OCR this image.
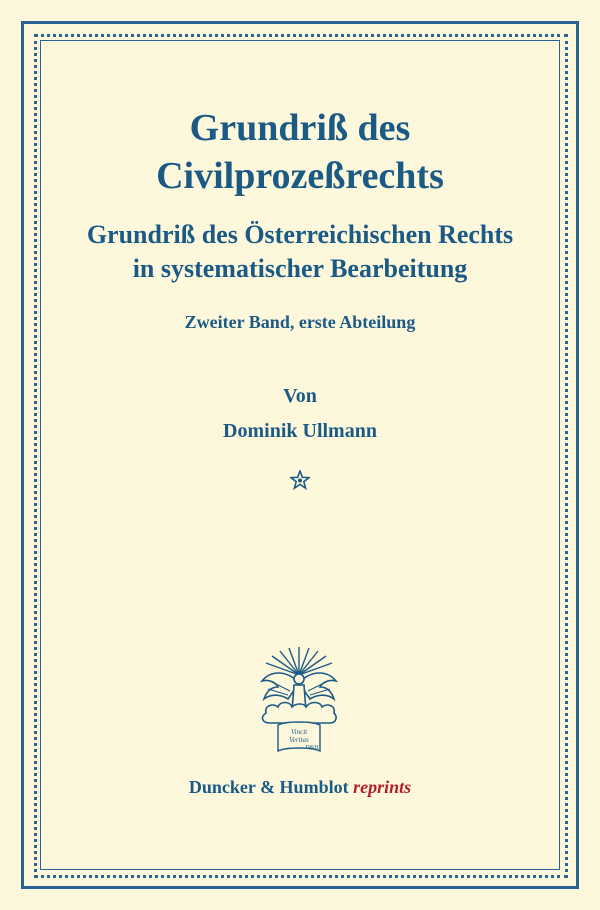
Grundriß des
Civilprozeßrechts
Grundriß des Österreichischen Rechts
in systematischer Bearbeitung
Zweiter Band, erste Abteilung
Von
Dominik Ullmann
Vincit
Veritas
D&H
Duncker & Humblot reprints
